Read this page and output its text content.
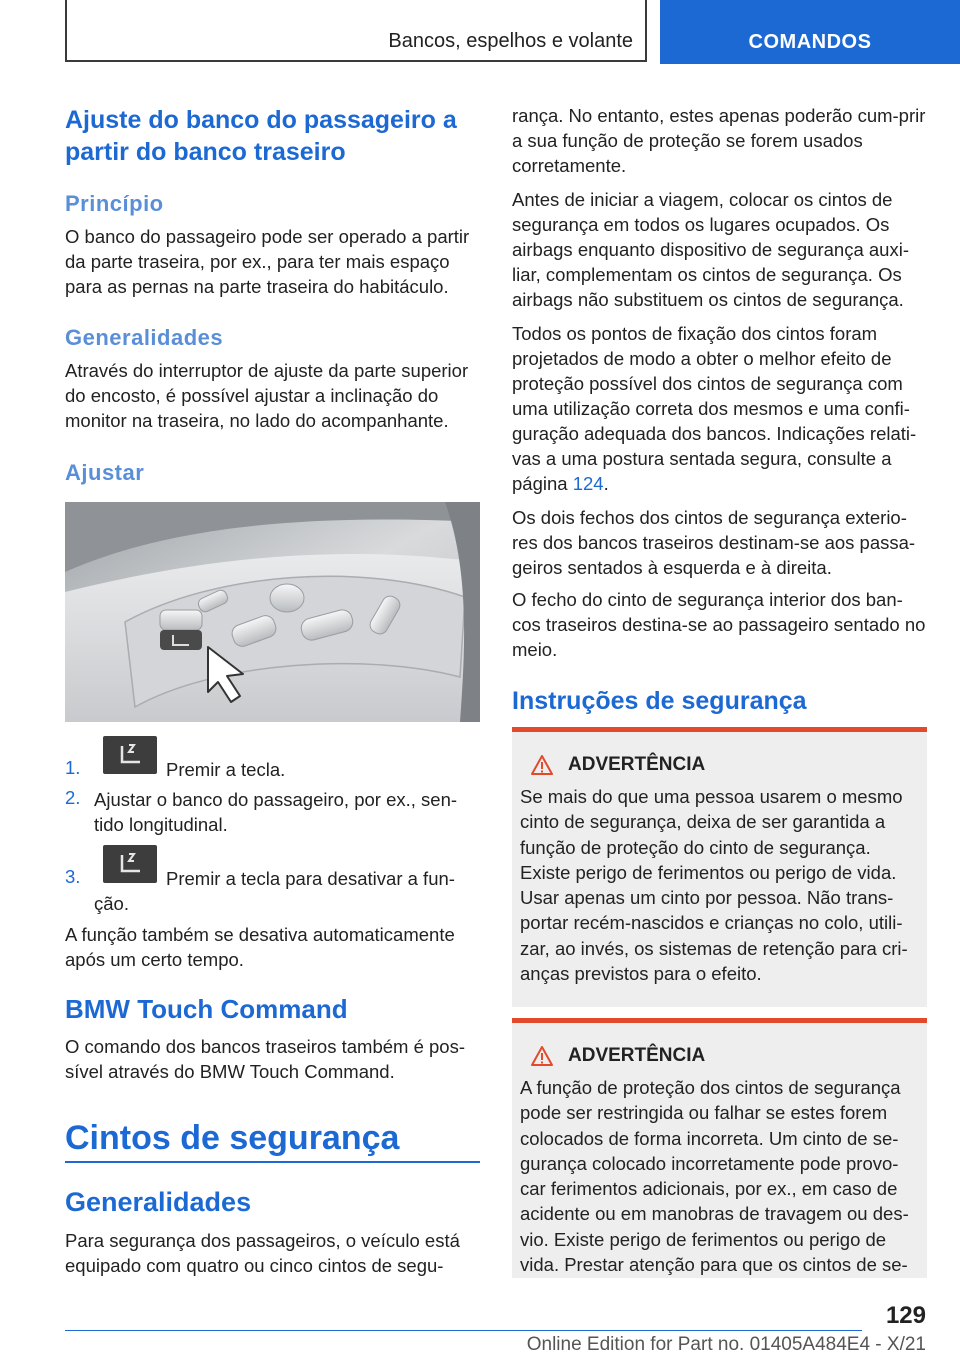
Bancos, espelhos e volante	COMANDOS
Ajuste do banco do passageiro a partir do banco traseiro
Princípio

O banco do passageiro pode ser operado a partir da parte traseira, por ex., para ter mais espaço para as pernas na parte traseira do habitáculo.

Generalidades

Através do interruptor de ajuste da parte superior do encosto, é possível ajustar a inclinação do monitor na traseira, no lado do acompanhante.

Ajustar
1.	Premir a tecla.

2. Ajustar o banco do passageiro, por ex., sen‐tido longitudinal.

3.	Premir a tecla para desativar a fun‐ção.

A função também se desativa automaticamente após um certo tempo.

BMW Touch Command

O comando dos bancos traseiros também é pos‐sível através do BMW Touch Command.

Cintos de segurança
Generalidades

Para segurança dos passageiros, o veículo está equipado com quatro ou cinco cintos de segu‐

rança. No entanto, estes apenas poderão cum‐prir a sua função de proteção se forem usados corretamente.

Antes de iniciar a viagem, colocar os cintos de segurança em todos os lugares ocupados. Os airbags enquanto dispositivo de segurança auxi‐liar, complementam os cintos de segurança. Os airbags não substituem os cintos de segurança.

Todos os pontos de fixação dos cintos foram projetados de modo a obter o melhor efeito de proteção possível dos cintos de segurança com uma utilização correta dos mesmos e uma confi‐guração adequada dos bancos. Indicações relati‐vas a uma postura sentada segura, consulte a página 124.

Os dois fechos dos cintos de segurança exterio‐res dos bancos traseiros destinam-se aos passa‐geiros sentados à esquerda e à direita.

O fecho do cinto de segurança interior dos ban‐cos traseiros destina-se ao passageiro sentado no meio.

Instruções de segurança
ADVERTÊNCIA

Se mais do que uma pessoa usarem o mesmo cinto de segurança, deixa de ser garantida a função de proteção do cinto de segurança. Existe perigo de ferimentos ou perigo de vida. Usar apenas um cinto por pessoa. Não trans‐portar recém-nascidos e crianças no colo, utili‐zar, ao invés, os sistemas de retenção para cri‐anças previstos para o efeito.

ADVERTÊNCIA

A função de proteção dos cintos de segurança pode ser restringida ou falhar se estes forem colocados de forma incorreta. Um cinto de se‐gurança colocado incorretamente pode provo‐car ferimentos adicionais, por ex., em caso de acidente ou em manobras de travagem ou des‐vio. Existe perigo de ferimentos ou perigo de vida. Prestar atenção para que os cintos de se‐

129
Online Edition for Part no. 01405A484E4 - X/21
